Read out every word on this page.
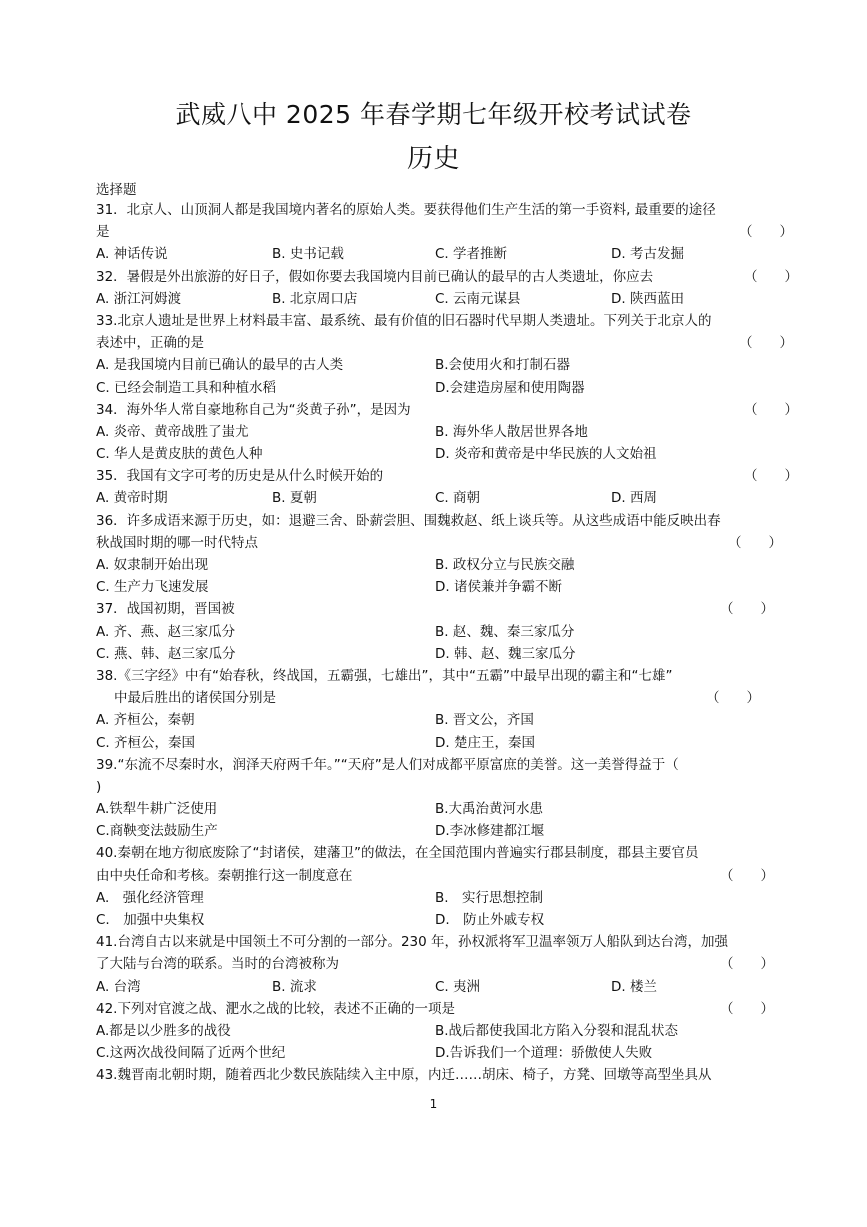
武威八中 2025 年春学期七年级开校考试试卷
历史
选择题
31．北京人、山顶洞人都是我国境内著名的原始人类。要获得他们生产生活的第一手资料, 最重要的途径
是	（　　）
A. 神话传说	B. 史书记载	C. 学者推断	D. 考古发掘
32．暑假是外出旅游的好日子，假如你要去我国境内目前已确认的最早的古人类遗址，你应去	（　　）
A. 浙江河姆渡	B. 北京周口店	C. 云南元谋县	D. 陕西蓝田
33.北京人遗址是世界上材料最丰富、最系统、最有价值的旧石器时代早期人类遗址。下列关于北京人的
表述中，正确的是	（　　）
A. 是我国境内目前已确认的最早的古人类	B.会使用火和打制石器
C. 已经会制造工具和种植水稻	D.会建造房屋和使用陶器
34．海外华人常自豪地称自己为“炎黄子孙”，是因为	（　　）
A. 炎帝、黄帝战胜了蚩尤	B. 海外华人散居世界各地
C. 华人是黄皮肤的黄色人种	D. 炎帝和黄帝是中华民族的人文始祖
35．我国有文字可考的历史是从什么时候开始的	（　　）
A. 黄帝时期	B. 夏朝	C. 商朝	D. 西周
36．许多成语来源于历史，如：退避三舍、卧薪尝胆、围魏救赵、纸上谈兵等。从这些成语中能反映出春
秋战国时期的哪一时代特点	（　　）
A. 奴隶制开始出现	B. 政权分立与民族交融
C. 生产力飞速发展	D. 诸侯兼并争霸不断
37．战国初期，晋国被	（　　）
A. 齐、燕、赵三家瓜分	B. 赵、魏、秦三家瓜分
C. 燕、韩、赵三家瓜分	D. 韩、赵、魏三家瓜分
38.《三字经》中有“始春秋，终战国，五霸强，七雄出”，其中“五霸”中最早出现的霸主和“七雄”
中最后胜出的诸侯国分别是	（　　）
A. 齐桓公，秦朝	B. 晋文公，齐国
C. 齐桓公，秦国	D. 楚庄王，秦国
39.“东流不尽秦时水，润泽天府两千年。”“天府”是人们对成都平原富庶的美誉。这一美誉得益于（
)
A.铁犁牛耕广泛使用	B.大禹治黄河水患
C.商鞅变法鼓励生产	D.李冰修建都江堰
40.秦朝在地方彻底废除了“封诸侯，建藩卫”的做法，在全国范围内普遍实行郡县制度，郡县主要官员
由中央任命和考核。秦朝推行这一制度意在	（　　）
A.　强化经济管理	B.　实行思想控制
C.　加强中央集权	D.　防止外戚专权
41.台湾自古以来就是中国领土不可分割的一部分。230 年，孙权派将军卫温率领万人船队到达台湾，加强
了大陆与台湾的联系。当时的台湾被称为	（　　）
A. 台湾	B. 流求	C. 夷洲	D. 楼兰
42.下列对官渡之战、淝水之战的比较，表述不正确的一项是	（　　）
A.都是以少胜多的战役	B.战后都使我国北方陷入分裂和混乱状态
C.这两次战役间隔了近两个世纪	D.告诉我们一个道理：骄傲使人失败
43.魏晋南北朝时期，随着西北少数民族陆续入主中原，内迁……胡床、椅子，方凳、回墩等高型坐具从
1
